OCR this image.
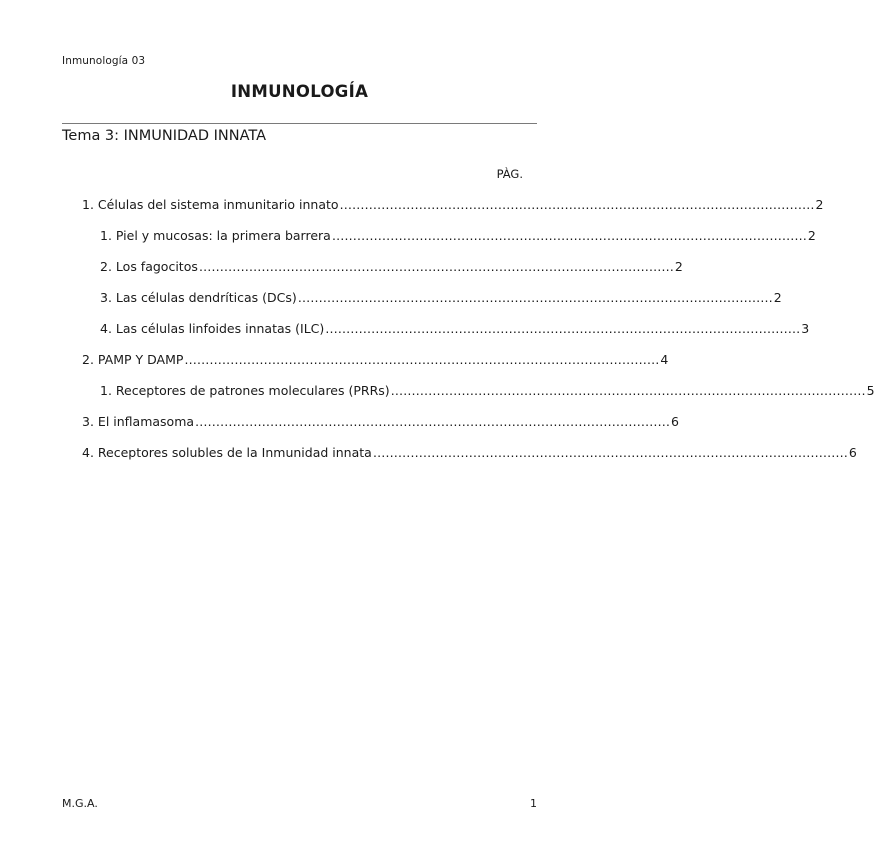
Inmunología 03
INMUNOLOGÍA
Tema 3: INMUNIDAD INNATA
PÀG.
1.
Células del sistema inmunitario innato …………………………………………………………………………………………………… 2
1.
Piel y mucosas: la primera barrera …………………………………………………………………………………………………… 2
2.
Los fagocitos …………………………………………………………………………………………………… 2
3.
Las células dendríticas (DCs) …………………………………………………………………………………………………… 2
4.
Las células linfoides innatas (ILC) …………………………………………………………………………………………………… 3
2.
PAMP Y DAMP …………………………………………………………………………………………………… 4
1.
Receptores de patrones moleculares (PRRs) …………………………………………………………………………………………………… 5
3.
El inflamasoma …………………………………………………………………………………………………… 6
4.
Receptores solubles de la Inmunidad innata …………………………………………………………………………………………………… 6
M.G.A.	1
